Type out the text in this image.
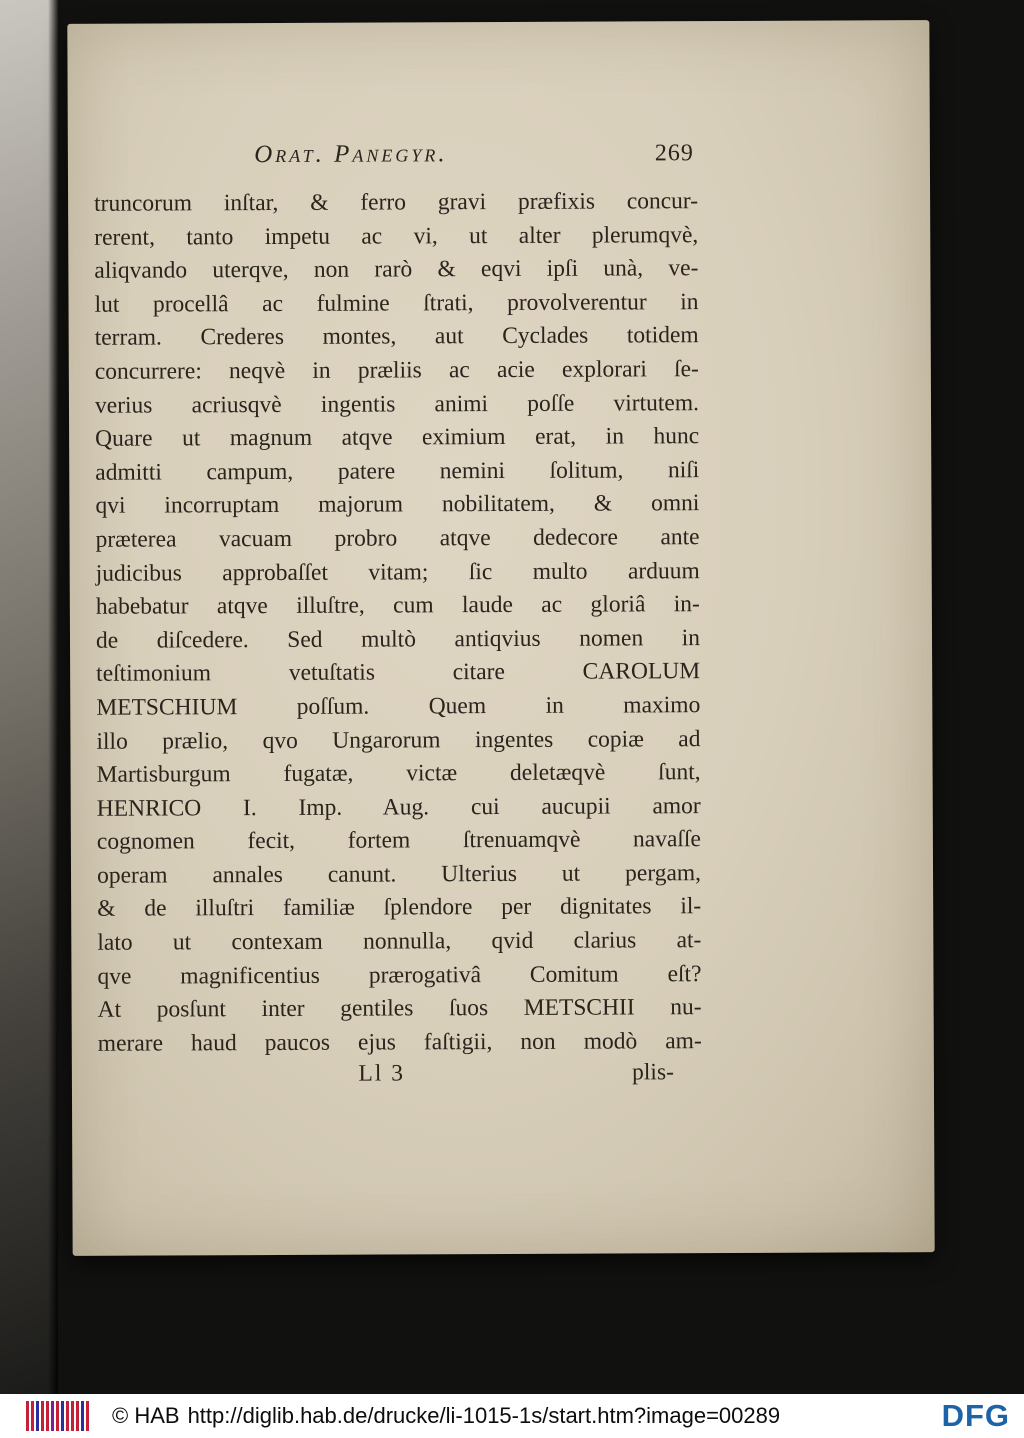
Orat. Panegyr.	269
truncorum inſtar, & ferro gravi præfixis concur-
rerent, tanto impetu ac vi, ut alter plerumqvè,
aliqvando uterqve, non rarò & eqvi ipſi unà, ve-
lut procellâ ac fulmine ſtrati, provolverentur in
terram. Crederes montes, aut Cyclades totidem
concurrere: neqvè in præliis ac acie explorari ſe-
verius acriusqvè ingentis animi poſſe virtutem.
Quare ut magnum atqve eximium erat, in hunc
admitti campum, patere nemini ſolitum, niſi
qvi incorruptam majorum nobilitatem, & omni
præterea vacuam probro atqve dedecore ante
judicibus approbaſſet vitam; ſic multo arduum
habebatur atqve illuſtre, cum laude ac gloriâ in-
de diſcedere. Sed multò antiqvius nomen in
teſtimonium vetuſtatis citare CAROLUM
METSCHIUM poſſum. Quem in maximo
illo prælio, qvo Ungarorum ingentes copiæ ad
Martisburgum fugatæ, victæ deletæqvè ſunt,
HENRICO I. Imp. Aug. cui aucupii amor
cognomen fecit, fortem ſtrenuamqvè navaſſe
operam annales canunt. Ulterius ut pergam,
& de illuſtri familiæ ſplendore per dignitates il-
lato ut contexam nonnulla, qvid clarius at-
qve magnificentius prærogativâ Comitum eſt?
At posſunt inter gentiles ſuos METSCHII nu-
merare haud paucos ejus faſtigii, non modò am-
Ll 3	plis-
© HAB http://diglib.hab.de/drucke/li-1015-1s/start.htm?image=00289	DFG
